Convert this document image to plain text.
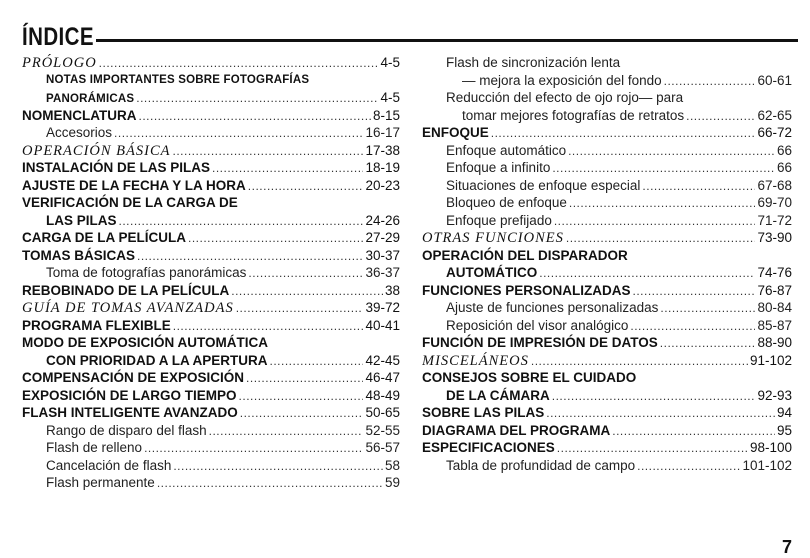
ÍNDICE
PRÓLOGO .....	4-5
NOTAS IMPORTANTES SOBRE FOTOGRAFÍAS
PANORÁMICAS .....	4-5
NOMENCLATURA .....	8-15
Accesorios .....	16-17
OPERACIÓN BÁSICA .....	17-38
INSTALACIÓN DE LAS PILAS .....	18-19
AJUSTE DE LA FECHA Y LA HORA .....	20-23
VERIFICACIÓN DE LA CARGA DE
LAS PILAS .....	24-26
CARGA DE LA PELÍCULA .....	27-29
TOMAS BÁSICAS .....	30-37
Toma de fotografías panorámicas .....	36-37
REBOBINADO DE LA PELÍCULA .....	38
GUÍA DE TOMAS AVANZADAS .....	39-72
PROGRAMA FLEXIBLE .....	40-41
MODO DE EXPOSICIÓN AUTOMÁTICA
CON PRIORIDAD A LA APERTURA .....	42-45
COMPENSACIÓN DE EXPOSICIÓN .....	46-47
EXPOSICIÓN DE LARGO TIEMPO .....	48-49
FLASH INTELIGENTE AVANZADO .....	50-65
Rango de disparo del flash .....	52-55
Flash de relleno .....	56-57
Cancelación de flash .....	58
Flash permanente .....	59
Flash de sincronización lenta
— mejora la exposición del fondo .....	60-61
Reducción del efecto de ojo rojo— para
tomar mejores fotografías de retratos .....	62-65
ENFOQUE .....	66-72
Enfoque automático .....	66
Enfoque a infinito .....	66
Situaciones de enfoque especial .....	67-68
Bloqueo de enfoque .....	69-70
Enfoque prefijado .....	71-72
OTRAS FUNCIONES .....	73-90
OPERACIÓN DEL DISPARADOR
AUTOMÁTICO .....	74-76
FUNCIONES PERSONALIZADAS .....	76-87
Ajuste de funciones personalizadas .....	80-84
Reposición del visor analógico .....	85-87
FUNCIÓN DE IMPRESIÓN DE DATOS .....	88-90
MISCELÁNEOS .....	91-102
CONSEJOS SOBRE EL CUIDADO
DE LA CÁMARA .....	92-93
SOBRE LAS PILAS .....	94
DIAGRAMA DEL PROGRAMA .....	95
ESPECIFICACIONES .....	98-100
Tabla de profundidad de campo .....	101-102
7
